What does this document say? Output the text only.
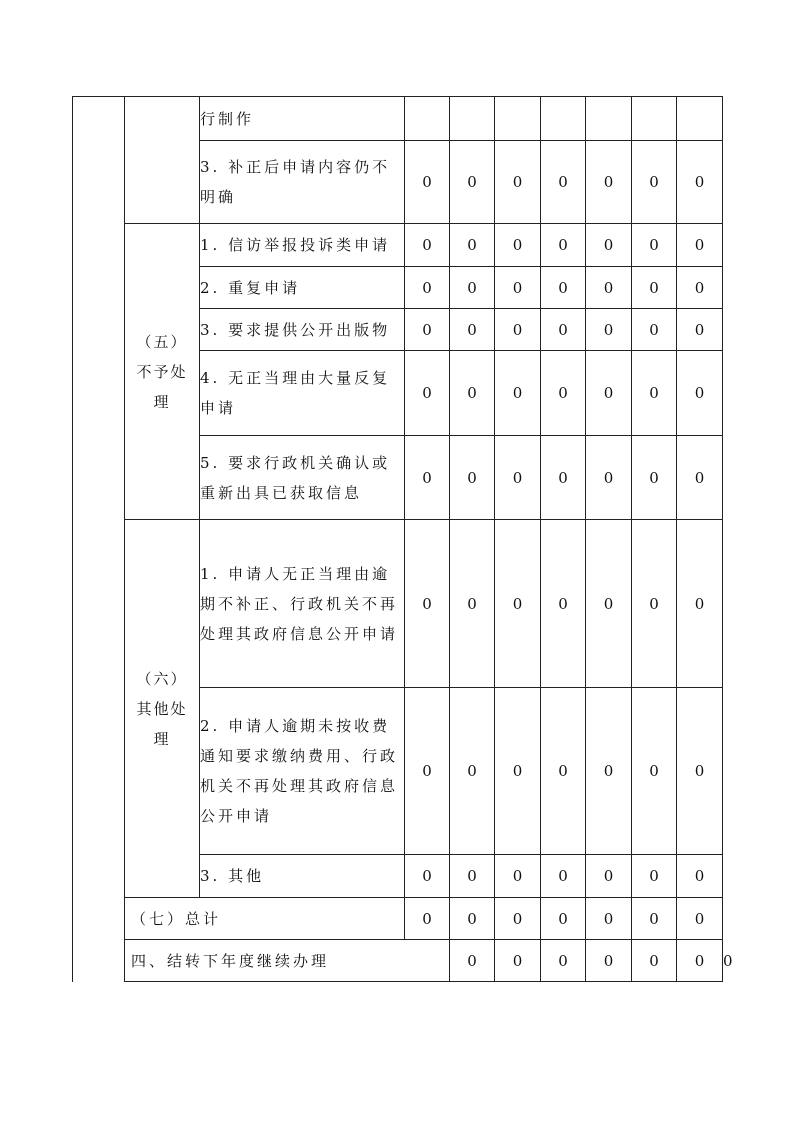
		行制作								
		3. 补正后申请内容仍不明确	0	0	0	0	0	0	0	
	（五）不予处理	1. 信访举报投诉类申请	0	0	0	0	0	0	0	
		2. 重复申请	0	0	0	0	0	0	0	
		3. 要求提供公开出版物	0	0	0	0	0	0	0	
		4. 无正当理由大量反复申请	0	0	0	0	0	0	0	
		5. 要求行政机关确认或重新出具已获取信息	0	0	0	0	0	0	0	
	（六）其他处理	1. 申请人无正当理由逾期不补正、行政机关不再处理其政府信息公开申请	0	0	0	0	0	0	0	
		2. 申请人逾期未按收费通知要求缴纳费用、行政机关不再处理其政府信息公开申请	0	0	0	0	0	0	0	
		3. 其他	0	0	0	0	0	0	0	
	（七）总计		0	0	0	0	0	0	0	
	四、结转下年度继续办理			0	0	0	0	0	0	0
